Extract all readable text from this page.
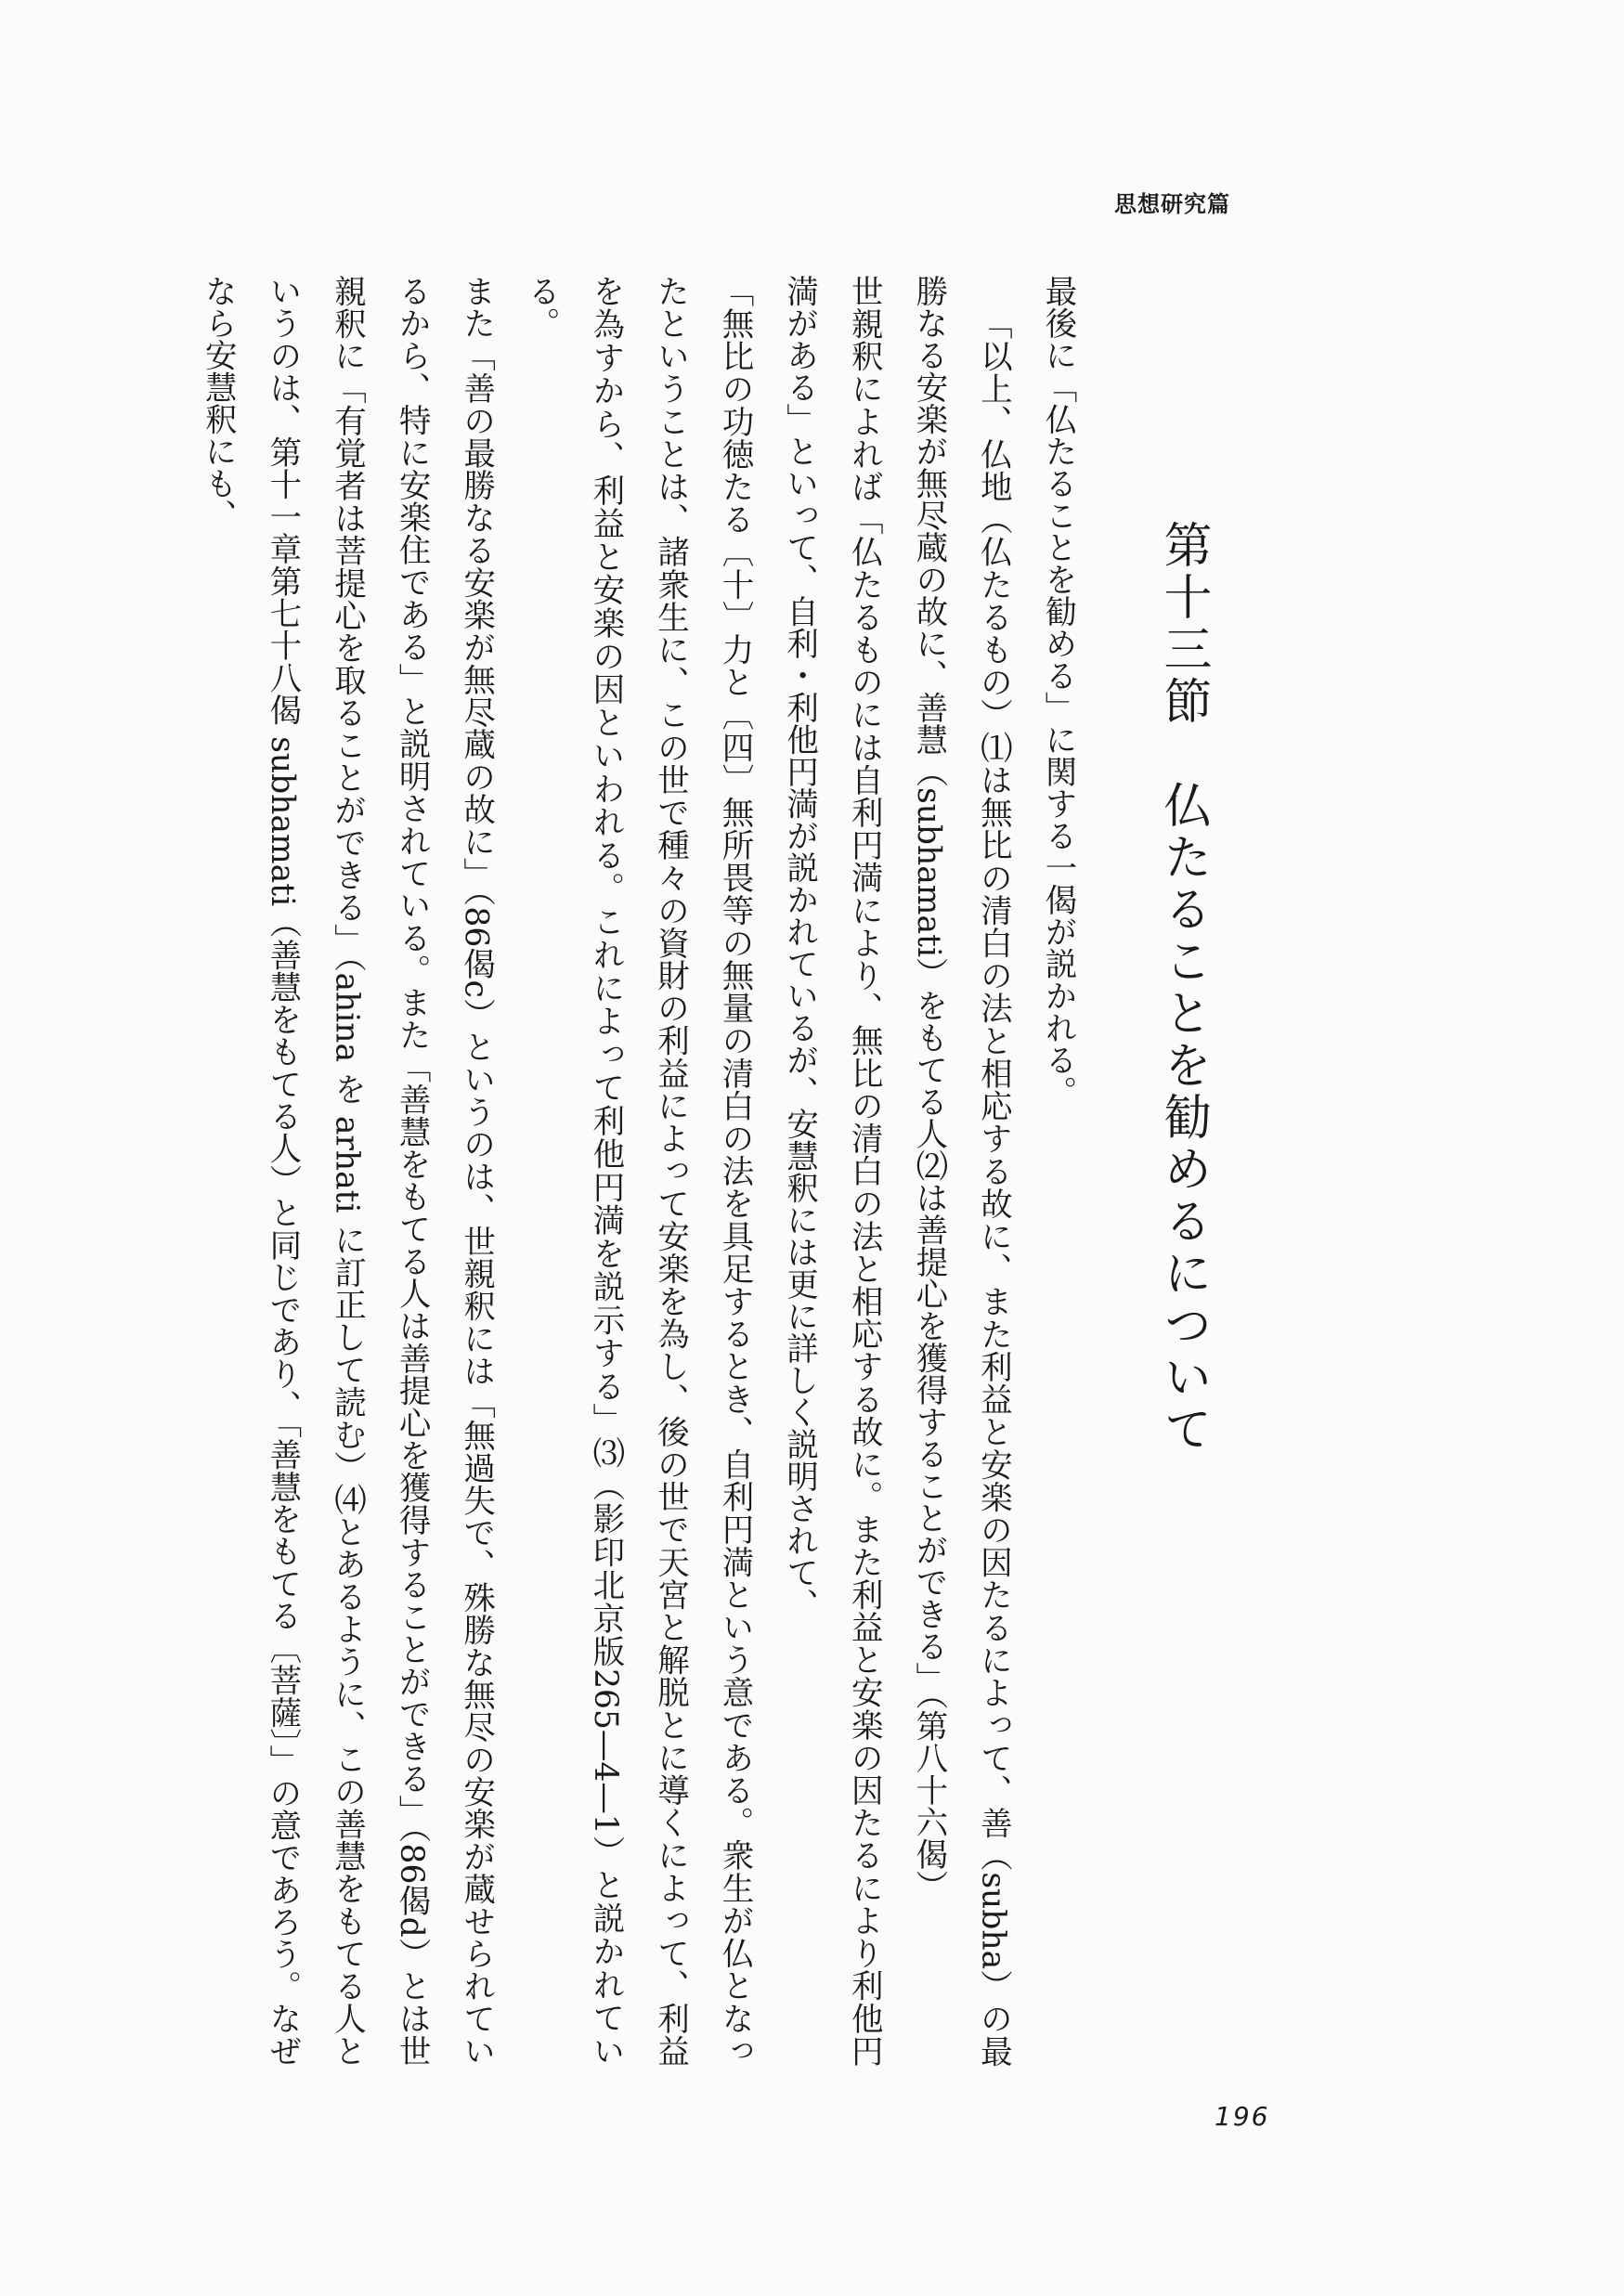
思想研究篇
第十三節　仏たることを勧めるについて

最後に「仏たることを勧める」に関する一偈が説かれる。

「以上、仏地（仏たるもの）⑴は無比の清白の法と相応する故に、また利益と安楽の因たるによって、善（subha）の最勝なる安楽が無尽蔵の故に、善慧（subhamati）をもてる人⑵は善提心を獲得することができる」（第八十六偈）

世親釈によれば「仏たるものには自利円満により、無比の清白の法と相応する故に。また利益と安楽の因たるにより利他円満がある」といって、自利・利他円満が説かれているが、安慧釈には更に詳しく説明されて、

「無比の功徳たる〔十〕力と〔四〕無所畏等の無量の清白の法を具足するとき、自利円満という意である。衆生が仏となったということは、諸衆生に、この世で種々の資財の利益によって安楽を為し、後の世で天宮と解脱とに導くによって、利益を為すから、利益と安楽の因といわれる。これによって利他円満を説示する」⑶（影印北京版265—4—1）と説かれている。

また「善の最勝なる安楽が無尽蔵の故に」（86偈c）というのは、世親釈には「無過失で、殊勝な無尽の安楽が蔵せられているから、特に安楽住である」と説明されている。また「善慧をもてる人は善提心を獲得することができる」（86偈d）とは世親釈に「有覚者は菩提心を取ることができる」（ahina を arhati に訂正して読む）⑷とあるように、この善慧をもてる人というのは、第十一章第七十八偈 subhamati（善慧をもてる人）と同じであり、「善慧をもてる〔菩薩〕」の意であろう。なぜなら安慧釈にも、

196
